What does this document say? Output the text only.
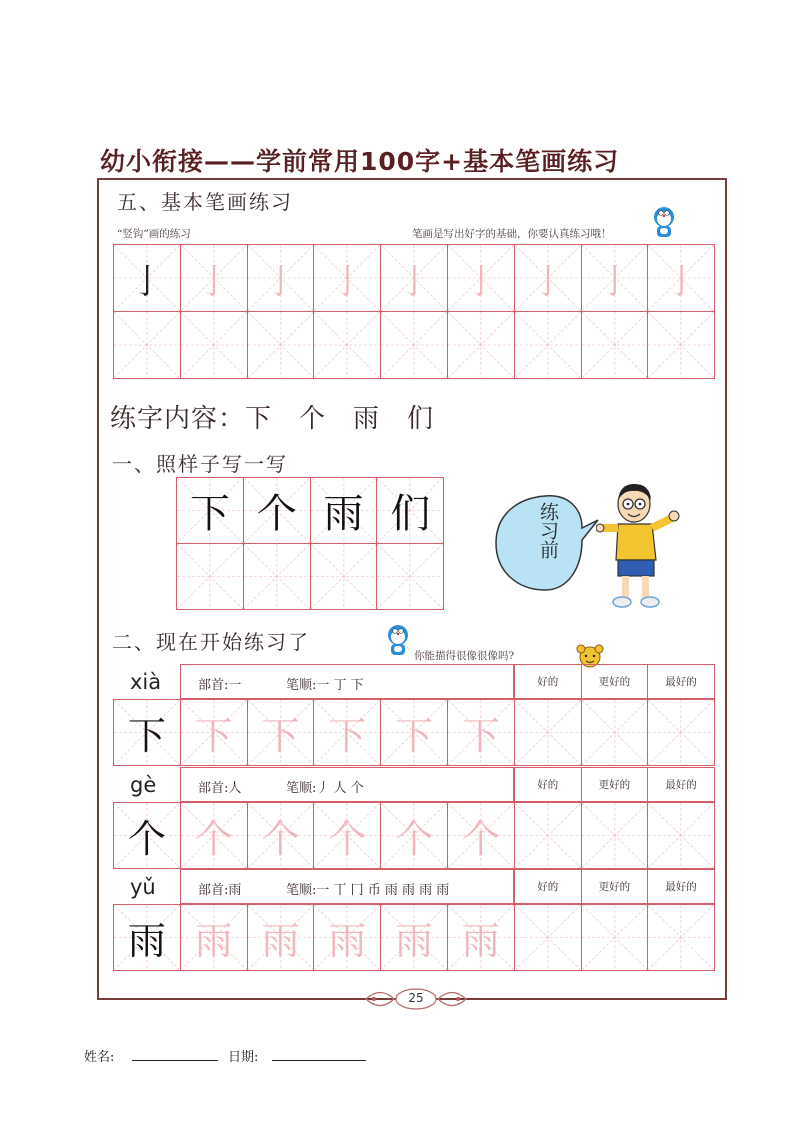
幼小衔接——学前常用100字+基本笔画练习
五、基本笔画练习
“竖钩”画的练习	笔画是写出好字的基础，你要认真练习哦！
亅 亅 亅 亅 亅 亅 亅 亅 亅
练字内容：下　个　雨　们
一、照样子写一写
下 个 雨 们	练习前
二、现在开始练习了
你能描得很像很像吗?
xià	部首:一	笔顺:一 丁 下	好的	更好的	最好的
下 下 下 下 下 下
gè	部首:人	笔顺:丿 人 个	好的	更好的	最好的
个 个 个 个 个 个
yǔ	部首:雨	笔顺:一 丅 冂 币 雨 雨 雨 雨	好的	更好的	最好的
雨 雨 雨 雨 雨 雨
25
姓名:	日期:
